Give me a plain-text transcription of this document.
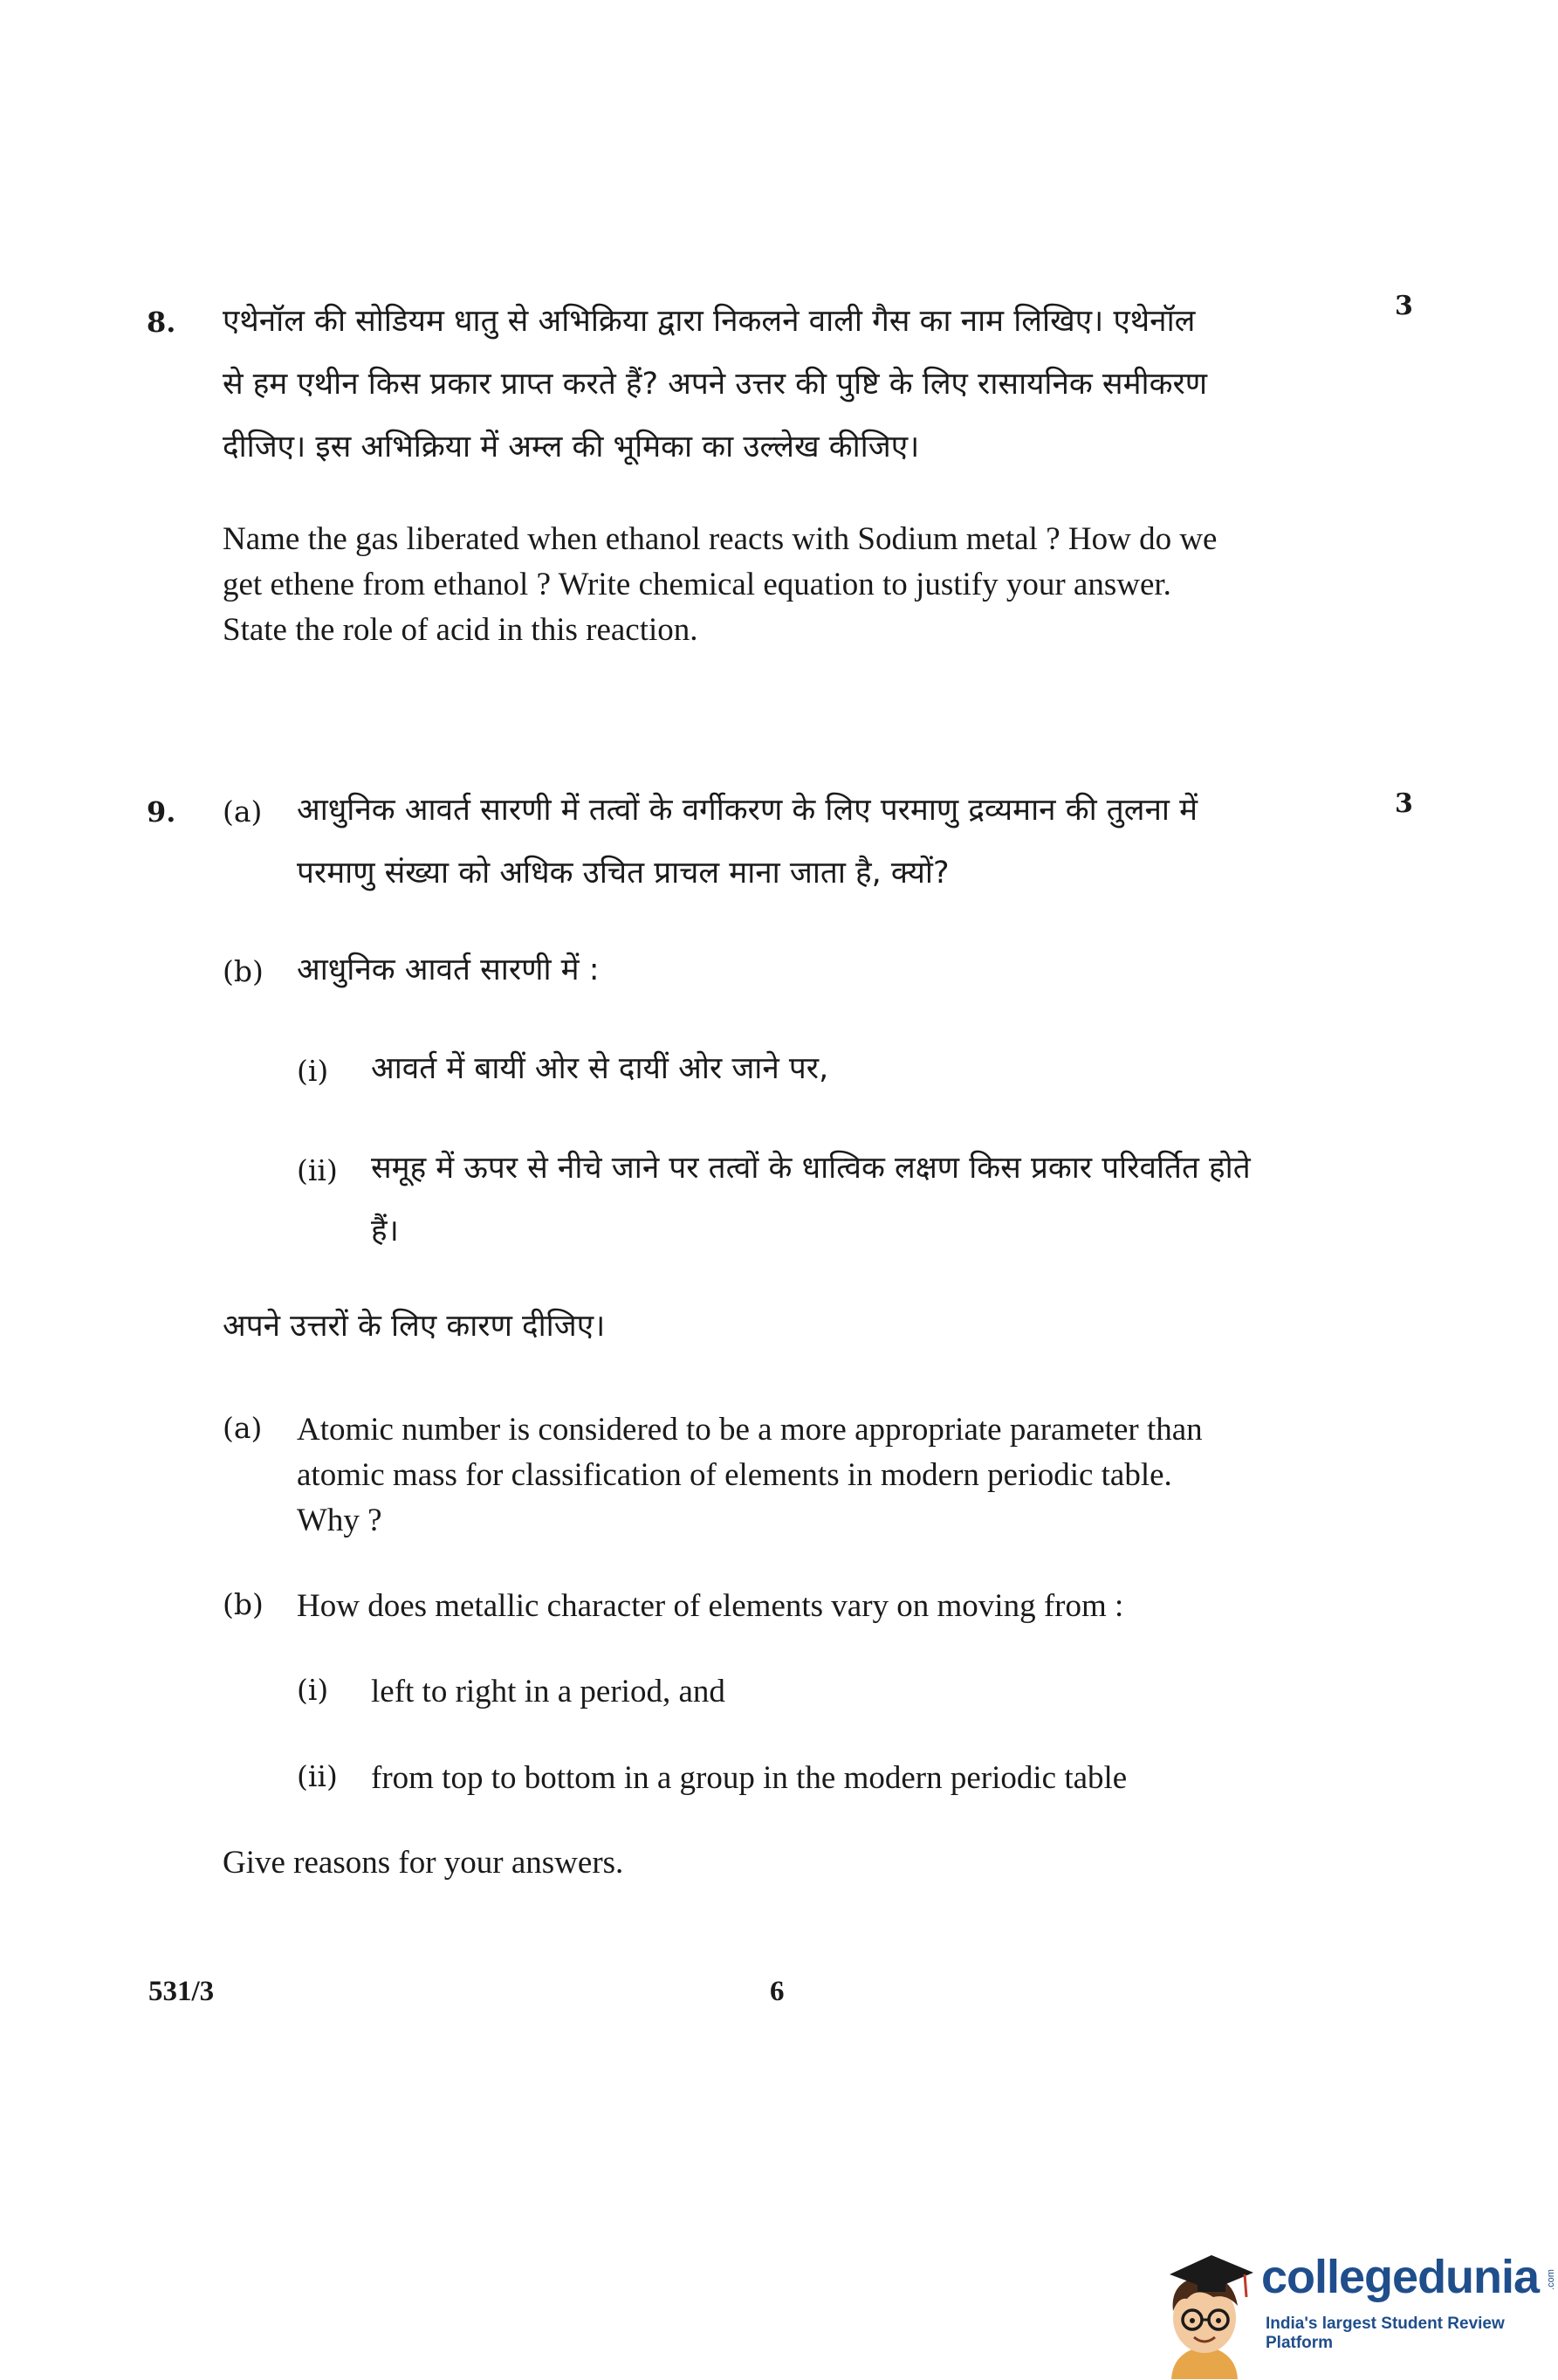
8.	3
एथेनॉल की सोडियम धातु से अभिक्रिया द्वारा निकलने वाली गैस का नाम लिखिए। एथेनॉल
से हम एथीन किस प्रकार प्राप्त करते हैं? अपने उत्तर की पुष्टि के लिए रासायनिक समीकरण
दीजिए। इस अभिक्रिया में अम्ल की भूमिका का उल्लेख कीजिए।
Name the gas liberated when ethanol reacts with Sodium metal ? How do we
get ethene from ethanol ? Write chemical equation to justify your answer.
State the role of acid in this reaction.
9.	3
(a) आधुनिक आवर्त सारणी में तत्वों के वर्गीकरण के लिए परमाणु द्रव्यमान की तुलना में
परमाणु संख्या को अधिक उचित प्राचल माना जाता है, क्यों?
(b) आधुनिक आवर्त सारणी में :
(i) आवर्त में बायीं ओर से दायीं ओर जाने पर,
(ii) समूह में ऊपर से नीचे जाने पर तत्वों के धात्विक लक्षण किस प्रकार परिवर्तित होते
हैं।
अपने उत्तरों के लिए कारण दीजिए।
(a) Atomic number is considered to be a more appropriate parameter than
atomic mass for classification of elements in modern periodic table.
Why ?
(b) How does metallic character of elements vary on moving from :
(i) left to right in a period, and
(ii) from top to bottom in a group in the modern periodic table
Give reasons for your answers.
531/3	6
collegedunia .com
India's largest Student Review Platform
